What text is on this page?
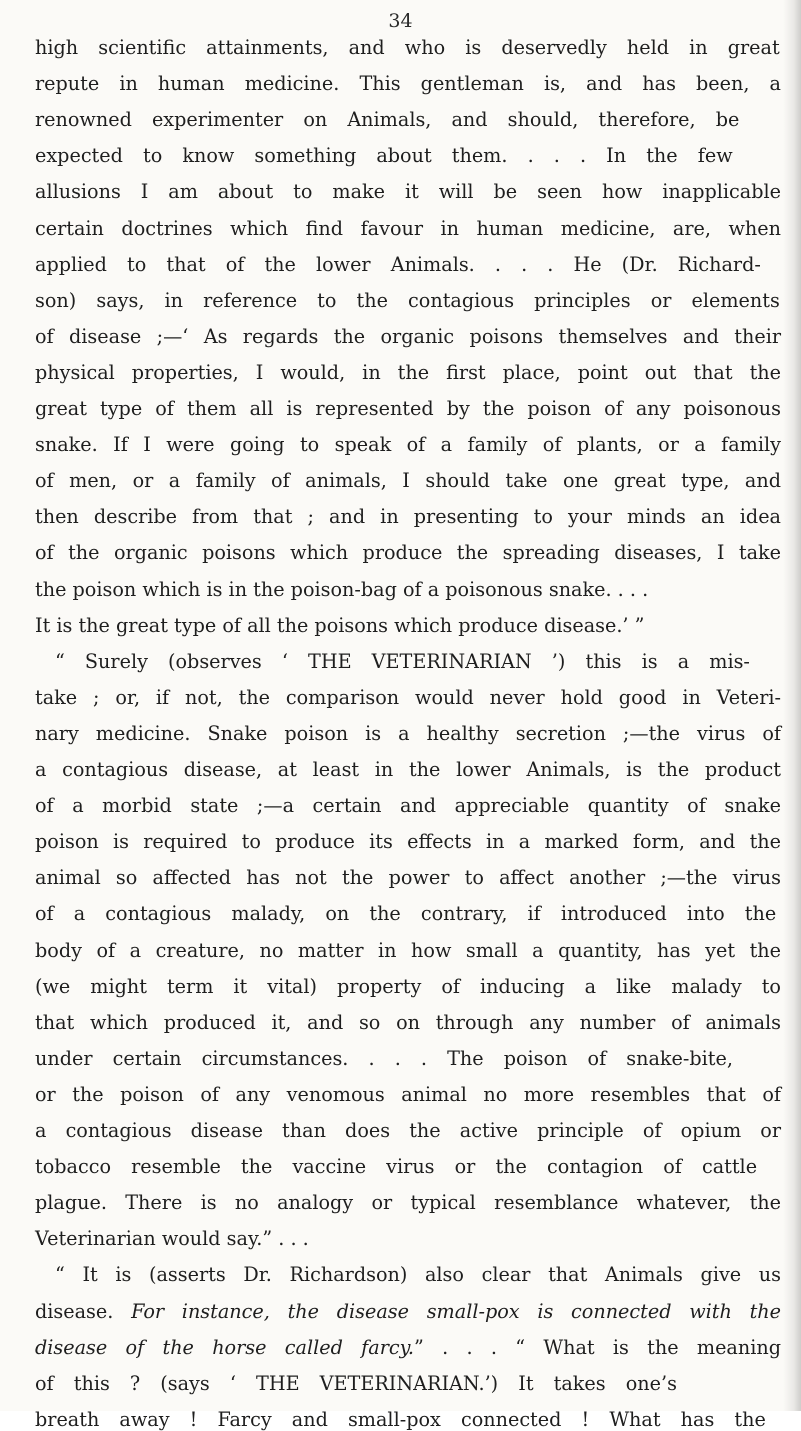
34
high scientific attainments, and who is deservedly held in great
repute in human medicine. This gentleman is, and has been, a
renowned experimenter on Animals, and should, therefore, be
expected to know something about them. . . . In the few
allusions I am about to make it will be seen how inapplicable
certain doctrines which find favour in human medicine, are, when
applied to that of the lower Animals. . . . He (Dr. Richard-
son) says, in reference to the contagious principles or elements
of disease ;—‘ As regards the organic poisons themselves and their
physical properties, I would, in the first place, point out that the
great type of them all is represented by the poison of any poisonous
snake. If I were going to speak of a family of plants, or a family
of men, or a family of animals, I should take one great type, and
then describe from that ; and in presenting to your minds an idea
of the organic poisons which produce the spreading diseases, I take
the poison which is in the poison-bag of a poisonous snake. . . .
It is the great type of all the poisons which produce disease.’ ”
“ Surely (observes ‘ THE VETERINARIAN ’) this is a mis-
take ; or, if not, the comparison would never hold good in Veteri-
nary medicine. Snake poison is a healthy secretion ;—the virus of
a contagious disease, at least in the lower Animals, is the product
of a morbid state ;—a certain and appreciable quantity of snake
poison is required to produce its effects in a marked form, and the
animal so affected has not the power to affect another ;—the virus
of a contagious malady, on the contrary, if introduced into the
body of a creature, no matter in how small a quantity, has yet the
(we might term it vital) property of inducing a like malady to
that which produced it, and so on through any number of animals
under certain circumstances. . . . The poison of snake-bite,
or the poison of any venomous animal no more resembles that of
a contagious disease than does the active principle of opium or
tobacco resemble the vaccine virus or the contagion of cattle
plague. There is no analogy or typical resemblance whatever, the
Veterinarian would say.” . . .
“ It is (asserts Dr. Richardson) also clear that Animals give us
disease. For instance, the disease small-pox is connected with the
disease of the horse called farcy.” . . . “ What is the meaning
of this ? (says ‘ THE VETERINARIAN.’) It takes one’s
breath away ! Farcy and small-pox connected ! What has the
